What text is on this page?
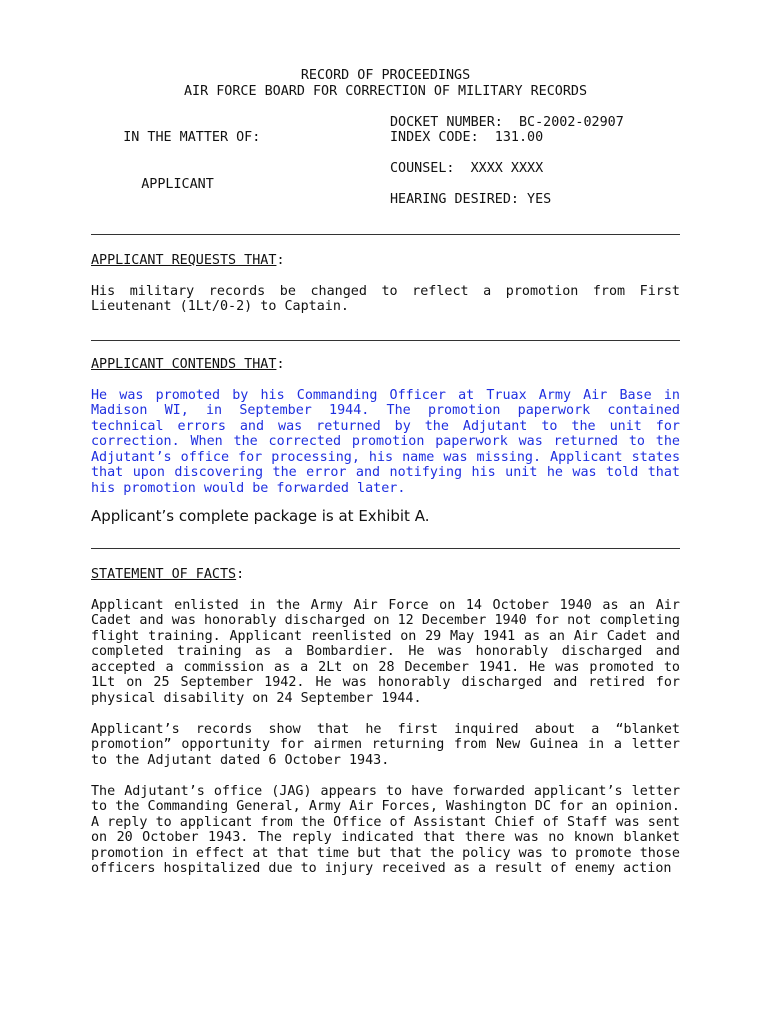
RECORD OF PROCEEDINGS
AIR FORCE BOARD FOR CORRECTION OF MILITARY RECORDS

IN THE MATTER OF:

DOCKET NUMBER:  BC-2002-02907

INDEX CODE:  131.00

APPLICANT

COUNSEL:  XXXX XXXX

HEARING DESIRED: YES

APPLICANT REQUESTS THAT:

His military records be changed to reflect a promotion from First Lieutenant (1Lt/0-2) to Captain.

APPLICANT CONTENDS THAT:

He was promoted by his Commanding Officer at Truax Army Air Base in Madison WI, in September 1944. The promotion paperwork contained technical errors and was returned by the Adjutant to the unit for correction. When the corrected promotion paperwork was returned to the Adjutant’s office for processing, his name was missing. Applicant states that upon discovering the error and notifying his unit he was told that his promotion would be forwarded later.

Applicant’s complete package is at Exhibit A.

STATEMENT OF FACTS:

Applicant enlisted in the Army Air Force on 14 October 1940 as an Air Cadet and was honorably discharged on 12 December 1940 for not completing flight training. Applicant reenlisted on 29 May 1941 as an Air Cadet and completed training as a Bombardier. He was honorably discharged and accepted a commission as a 2Lt on 28 December 1941. He was promoted to 1Lt on 25 September 1942. He was honorably discharged and retired for physical disability on 24 September 1944.

Applicant’s records show that he first inquired about a “blanket promotion” opportunity for airmen returning from New Guinea in a letter to the Adjutant dated 6 October 1943.

The Adjutant’s office (JAG) appears to have forwarded applicant’s letter to the Commanding General, Army Air Forces, Washington DC for an opinion. A reply to applicant from the Office of Assistant Chief of Staff was sent on 20 October 1943. The reply indicated that there was no known blanket promotion in effect at that time but that the policy was to promote those officers hospitalized due to injury received as a result of enemy action
